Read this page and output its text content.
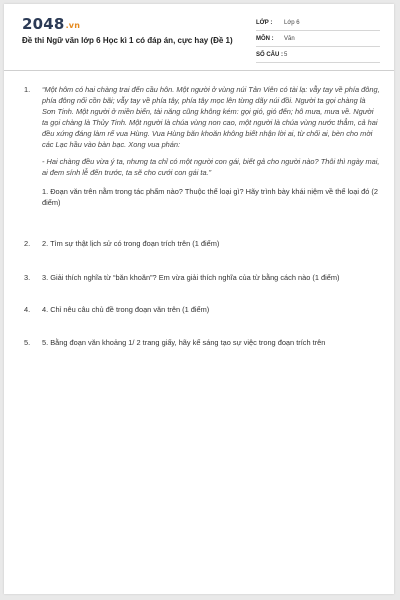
2048.vn
Đề thi Ngữ văn lớp 6 Học kì 1 có đáp án, cực hay (Đề 1)
LỚP :	Lớp 6
MÔN :	Văn
SỐ CÂU : 5
1. “Một hôm có hai chàng trai đến cầu hôn. Một người ở vùng núi Tản Viên có tài lạ: vẫy tay về phía đông, phía đông nổi cồn bãi; vẫy tay về phía tây, phía tây mọc lên từng dãy núi đồi. Người ta gọi chàng là Sơn Tinh. Một người ở miền biển, tài năng cũng không kém: gọi gió, gió đến; hô mưa, mưa về. Người ta gọi chàng là Thủy Tinh. Một người là chúa vùng non cao, một người là chúa vùng nước thẳm, cả hai đều xứng đáng làm rể vua Hùng. Vua Hùng băn khoăn không biết nhận lời ai, từ chối ai, bèn cho mời các Lạc hầu vào bàn bạc. Xong vua phán:

- Hai chàng đều vừa ý ta, nhưng ta chỉ có một người con gái, biết gả cho người nào? Thôi thì ngày mai, ai đem sính lễ đến trước, ta sẽ cho cưới con gái ta.”

1. Đoạn văn trên nằm trong tác phẩm nào? Thuộc thể loại gì? Hãy trình bày khái niệm về thể loại đó (2 điểm)

2. 2. Tìm sự thật lịch sử có trong đoạn trích trên (1 điểm)

3. 3. Giải thích nghĩa từ “băn khoăn”? Em vừa giải thích nghĩa của từ bằng cách nào (1 điểm)

4. 4. Chỉ nêu câu chủ đề trong đoạn văn trên (1 điểm)

5. 5. Bằng đoạn văn khoảng 1/ 2 trang giấy, hãy kể sáng tạo sự việc trong đoạn trích trên
